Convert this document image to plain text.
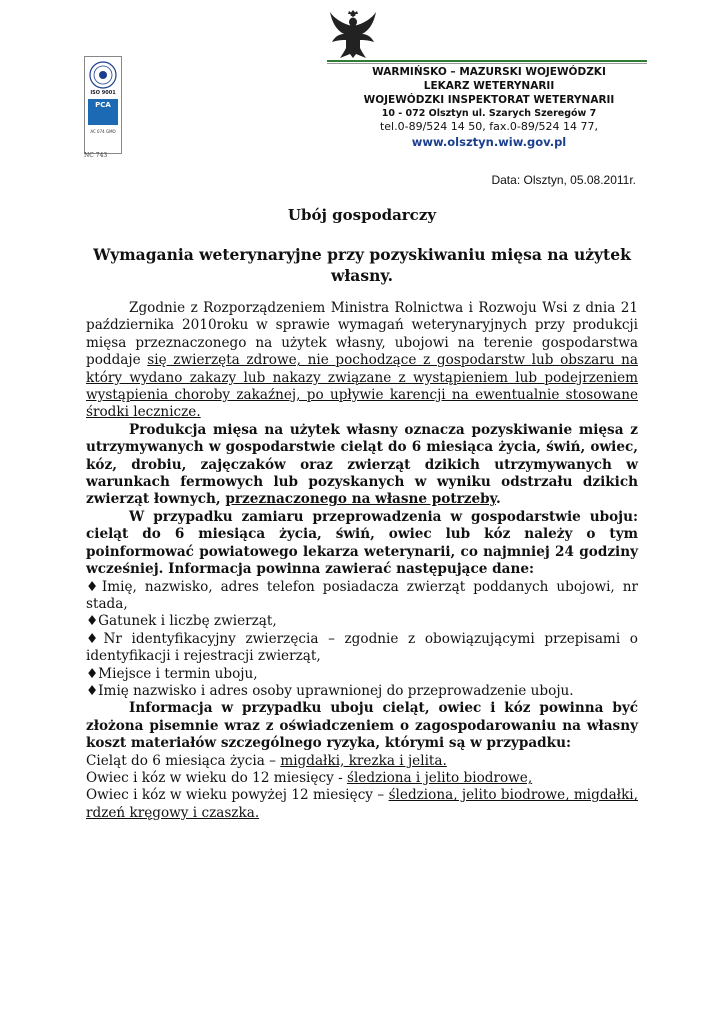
ISO 9001
PCA
AC 074 GMO
NC 743
WARMIŃSKO – MAZURSKI WOJEWÓDZKI
LEKARZ WETERYNARII
WOJEWÓDZKI INSPEKTORAT WETERYNARII
10 - 072 Olsztyn ul. Szarych Szeregów 7
tel.0-89/524 14 50, fax.0-89/524 14 77,
www.olsztyn.wiw.gov.pl
Data: Olsztyn, 05.08.2011r.
Ubój gospodarczy
Wymagania weterynaryjne przy pozyskiwaniu mięsa na użytek własny.

Zgodnie z Rozporządzeniem Ministra Rolnictwa i Rozwoju Wsi z dnia 21 października 2010roku w sprawie wymagań weterynaryjnych przy produkcji mięsa przeznaczonego na użytek własny, ubojowi na terenie gospodarstwa poddaje się zwierzęta zdrowe, nie pochodzące z gospodarstw lub obszaru na który wydano zakazy lub nakazy związane z wystąpieniem lub podejrzeniem wystąpienia choroby zakaźnej, po upływie karencji na ewentualnie stosowane środki lecznicze.

Produkcja mięsa na użytek własny oznacza pozyskiwanie mięsa z utrzymywanych w gospodarstwie cieląt do 6 miesiąca życia, świń, owiec, kóz, drobiu, zajęczaków oraz zwierząt dzikich utrzymywanych w warunkach fermowych lub pozyskanych w wyniku odstrzału dzikich zwierząt łownych, przeznaczonego na własne potrzeby.

W przypadku zamiaru przeprowadzenia w gospodarstwie uboju: cieląt do 6 miesiąca życia, świń, owiec lub kóz należy o tym poinformować powiatowego lekarza weterynarii, co najmniej 24 godziny wcześniej. Informacja powinna zawierać następujące dane:

♦Imię, nazwisko, adres telefon posiadacza zwierząt poddanych ubojowi, nr stada,

♦Gatunek i liczbę zwierząt,

♦Nr identyfikacyjny zwierzęcia – zgodnie z obowiązującymi przepisami o identyfikacji i rejestracji zwierząt,

♦Miejsce i termin uboju,

♦Imię nazwisko i adres osoby uprawnionej do przeprowadzenie uboju.

Informacja w przypadku uboju cieląt, owiec i kóz powinna być złożona pisemnie wraz z oświadczeniem o zagospodarowaniu na własny koszt materiałów szczególnego ryzyka, którymi są w przypadku:

Cieląt do 6 miesiąca życia – migdałki, krezka i jelita.

Owiec i kóz w wieku do 12 miesięcy - śledziona i jelito biodrowe,

Owiec i kóz w wieku powyżej 12 miesięcy – śledziona, jelito biodrowe, migdałki, rdzeń kręgowy i czaszka.
